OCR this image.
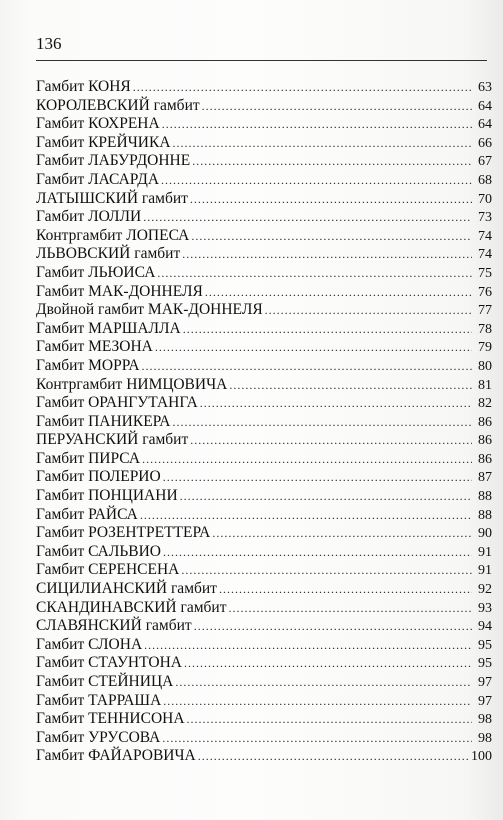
136
Гамбит КОНЯ .....	63
КОРОЛЕВСКИЙ гамбит .....	64
Гамбит КОХРЕНА .....	64
Гамбит КРЕЙЧИКА .....	66
Гамбит ЛАБУРДОННЕ .....	67
Гамбит ЛАСАРДА .....	68
ЛАТЫШСКИЙ гамбит .....	70
Гамбит ЛОЛЛИ .....	73
Контргамбит ЛОПЕСА .....	74
ЛЬВОВСКИЙ гамбит .....	74
Гамбит ЛЬЮИСА .....	75
Гамбит МАК-ДОННЕЛЯ .....	76
Двойной гамбит МАК-ДОННЕЛЯ .....	77
Гамбит МАРШАЛЛА .....	78
Гамбит МЕЗОНА .....	79
Гамбит МОРРА .....	80
Контргамбит НИМЦОВИЧА .....	81
Гамбит ОРАНГУТАНГА .....	82
Гамбит ПАНИКЕРА .....	86
ПЕРУАНСКИЙ гамбит .....	86
Гамбит ПИРСА .....	86
Гамбит ПОЛЕРИО .....	87
Гамбит ПОНЦИАНИ .....	88
Гамбит РАЙСА .....	88
Гамбит РОЗЕНТРЕТТЕРА .....	90
Гамбит САЛЬВИО .....	91
Гамбит СЕРЕНСЕНА .....	91
СИЦИЛИАНСКИЙ гамбит .....	92
СКАНДИНАВСКИЙ гамбит .....	93
СЛАВЯНСКИЙ гамбит .....	94
Гамбит СЛОНА .....	95
Гамбит СТАУНТОНА .....	95
Гамбит СТЕЙНИЦА .....	97
Гамбит ТАРРАША .....	97
Гамбит ТЕННИСОНА .....	98
Гамбит УРУСОВА .....	98
Гамбит ФАЙАРОВИЧА .....	100
